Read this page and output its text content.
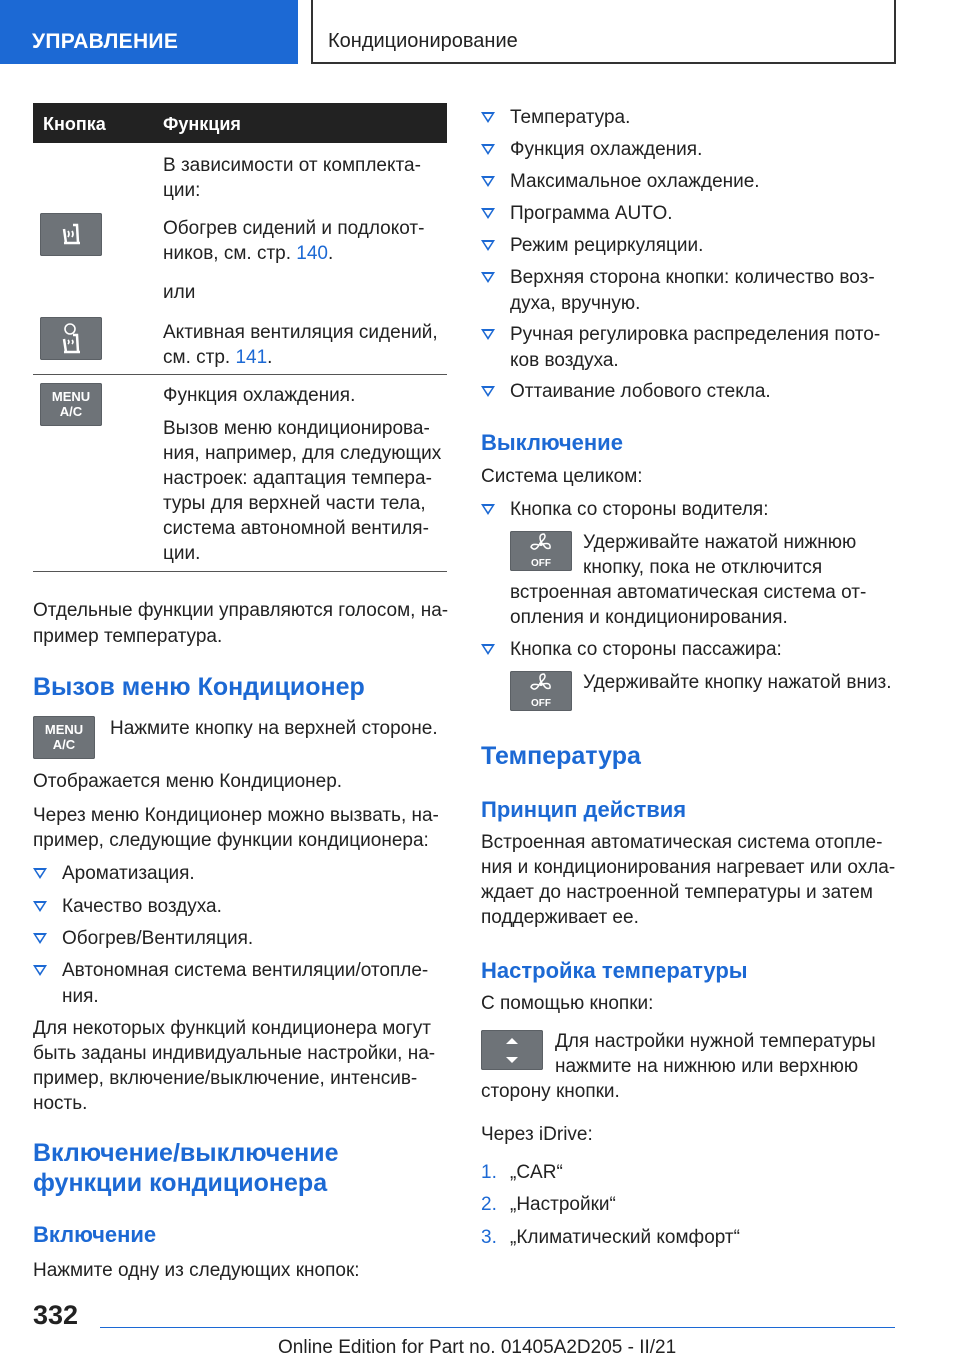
УПРАВЛЕНИЕ	Кондиционирование
Кнопка	Функция
В зависимости от комплекта-
ции:
Обогрев сидений и подлокот-
ников, см. стр. 140.
или
Активная вентиляция сидений,
см. стр. 141.
MENU
A/C
Функция охлаждения.
Вызов меню кондиционирова-
ния, например, для следующих
настроек: адаптация темпера-
туры для верхней части тела,
система автономной вентиля-
ции.
Отдельные функции управляются голосом, на-
пример температура.
Вызов меню Кондиционер
MENU
A/C
Нажмите кнопку на верхней стороне.
Отображается меню Кондиционер.
Через меню Кондиционер можно вызвать, на-
пример, следующие функции кондиционера:
Ароматизация.
Качество воздуха.
Обогрев/Вентиляция.
Автономная система вентиляции/отопле-
ния.
Для некоторых функций кондиционера могут
быть заданы индивидуальные настройки, на-
пример, включение/выключение, интенсив-
ность.
Включение/выключение
функции кондиционера
Включение
Нажмите одну из следующих кнопок:
Температура.
Функция охлаждения.
Максимальное охлаждение.
Программа AUTO.
Режим рециркуляции.
Верхняя сторона кнопки: количество воз-
духа, вручную.
Ручная регулировка распределения пото-
ков воздуха.
Оттаивание лобового стекла.
Выключение
Система целиком:
Кнопка со стороны водителя:
OFF
Удерживайте нажатой нижнюю
кнопку, пока не отключится
встроенная автоматическая система от-
опления и кондиционирования.
Кнопка со стороны пассажира:
OFF
Удерживайте кнопку нажатой вниз.
Температура
Принцип действия
Встроенная автоматическая система отопле-
ния и кондиционирования нагревает или охла-
ждает до настроенной температуры и затем
поддерживает ее.
Настройка температуры
С помощью кнопки:
Для настройки нужной температуры
нажмите на нижнюю или верхнюю
сторону кнопки.
Через iDrive:
1. „CAR“
2. „Настройки“
3. „Климатический комфорт“
332
Online Edition for Part no. 01405A2D205 - II/21
